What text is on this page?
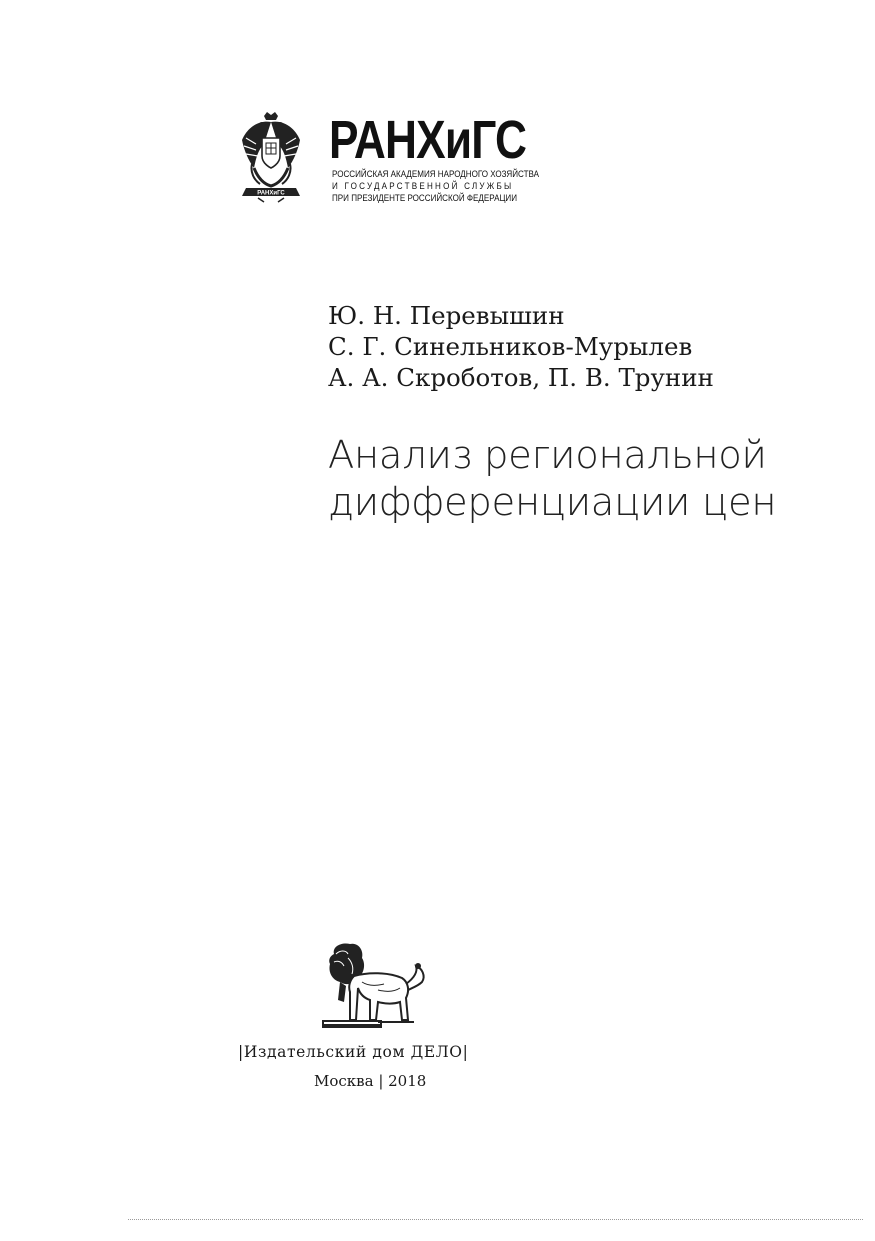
РАНХиГС
РАНХиГС
РОССИЙСКАЯ АКАДЕМИЯ НАРОДНОГО ХОЗЯЙСТВА
И ГОСУДАРСТВЕННОЙ СЛУЖБЫ
ПРИ ПРЕЗИДЕНТЕ РОССИЙСКОЙ ФЕДЕРАЦИИ
Ю. Н. Перевышин
С. Г. Синельников-Мурылев
А. А. Скроботов, П. В. Трунин
Анализ региональной
дифференциации цен
|Издательский дом ДЕЛО|
Москва | 2018
